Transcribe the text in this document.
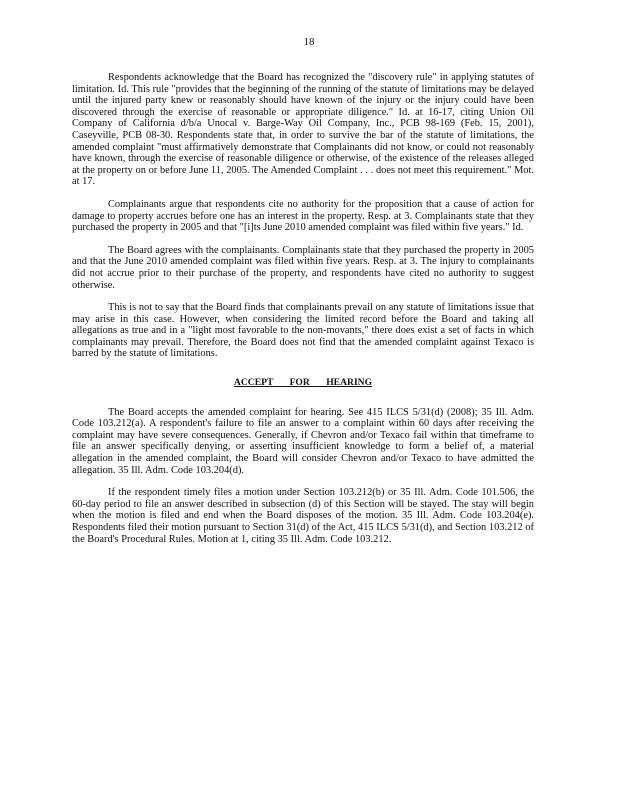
18

Respondents acknowledge that the Board has recognized the "discovery rule" in applying statutes of limitation. Id. This rule "provides that the beginning of the running of the statute of limitations may be delayed until the injured party knew or reasonably should have known of the injury or the injury could have been discovered through the exercise of reasonable or appropriate diligence." Id. at 16-17, citing Union Oil Company of California d/b/a Unocal v. Barge-Way Oil Company, Inc., PCB 98-169 (Feb. 15, 2001), Caseyville, PCB 08-30. Respondents state that, in order to survive the bar of the statute of limitations, the amended complaint "must affirmatively demonstrate that Complainants did not know, or could not reasonably have known, through the exercise of reasonable diligence or otherwise, of the existence of the releases alleged at the property on or before June 11, 2005. The Amended Complaint . . . does not meet this requirement." Mot. at 17.

Complainants argue that respondents cite no authority for the proposition that a cause of action for damage to property accrues before one has an interest in the property. Resp. at 3. Complainants state that they purchased the property in 2005 and that "[i]ts June 2010 amended complaint was filed within five years." Id.

The Board agrees with the complainants. Complainants state that they purchased the property in 2005 and that the June 2010 amended complaint was filed within five years. Resp. at 3. The injury to complainants did not accrue prior to their purchase of the property, and respondents have cited no authority to suggest otherwise.

This is not to say that the Board finds that complainants prevail on any statute of limitations issue that may arise in this case. However, when considering the limited record before the Board and taking all allegations as true and in a "light most favorable to the non-movants," there does exist a set of facts in which complainants may prevail. Therefore, the Board does not find that the amended complaint against Texaco is barred by the statute of limitations.

ACCEPT FOR HEARING

The Board accepts the amended complaint for hearing. See 415 ILCS 5/31(d) (2008); 35 Ill. Adm. Code 103.212(a). A respondent's failure to file an answer to a complaint within 60 days after receiving the complaint may have severe consequences. Generally, if Chevron and/or Texaco fail within that timeframe to file an answer specifically denying, or asserting insufficient knowledge to form a belief of, a material allegation in the amended complaint, the Board will consider Chevron and/or Texaco to have admitted the allegation. 35 Ill. Adm. Code 103.204(d).

If the respondent timely files a motion under Section 103.212(b) or 35 Ill. Adm. Code 101.506, the 60-day period to file an answer described in subsection (d) of this Section will be stayed. The stay will begin when the motion is filed and end when the Board disposes of the motion. 35 Ill. Adm. Code 103.204(e). Respondents filed their motion pursuant to Section 31(d) of the Act, 415 ILCS 5/31(d), and Section 103.212 of the Board's Procedural Rules. Motion at 1, citing 35 Ill. Adm. Code 103.212.
